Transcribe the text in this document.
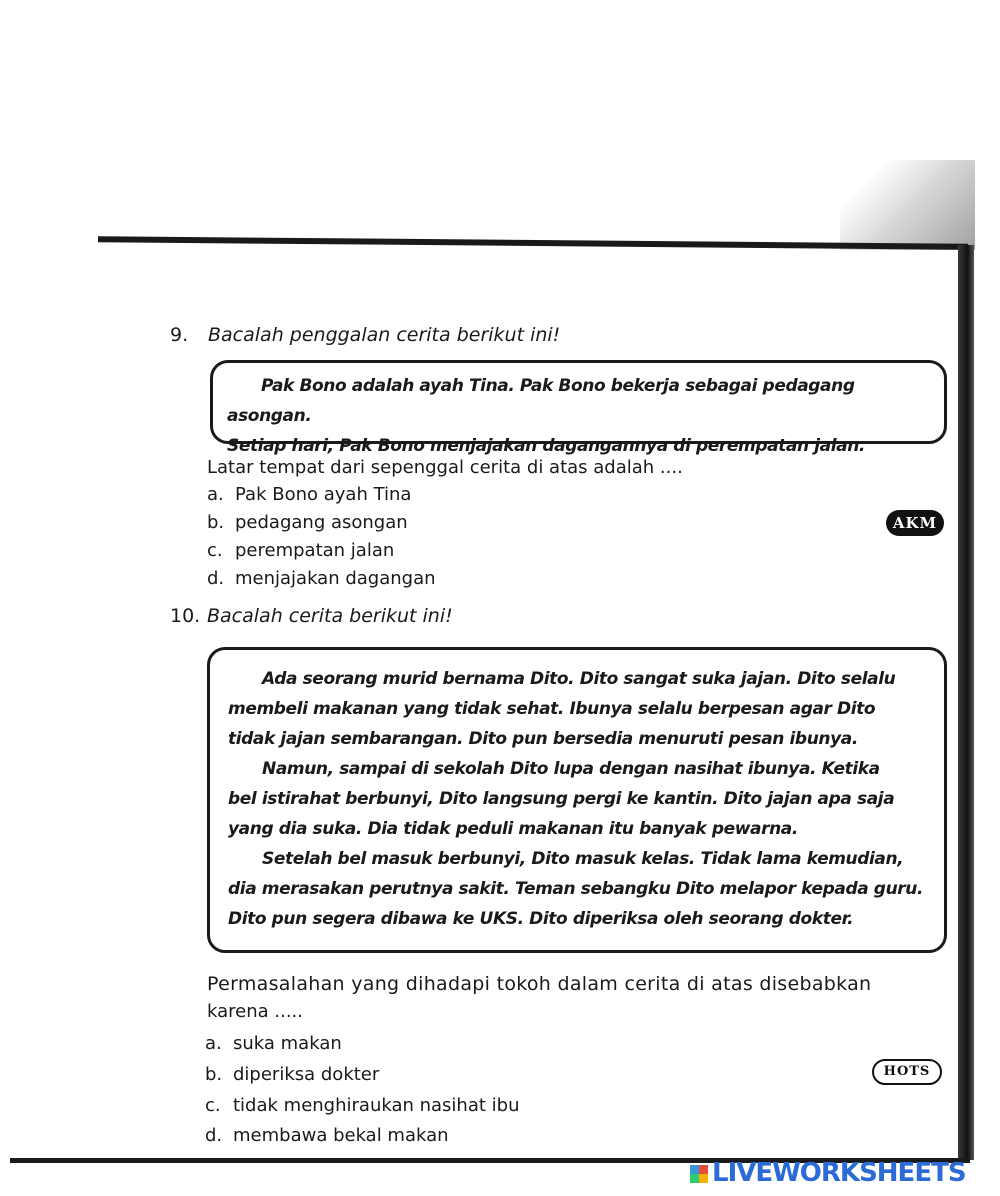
9. Bacalah penggalan cerita berikut ini!

Pak Bono adalah ayah Tina. Pak Bono bekerja sebagai pedagang asongan.

Setiap hari, Pak Bono menjajakan dagangannya di perempatan jalan.

Latar tempat dari sepenggal cerita di atas adalah ....
a. Pak Bono ayah Tina
b. pedagang asongan
c. perempatan jalan
d. menjajakan dagangan
AKM
10. Bacalah cerita berikut ini!

Ada seorang murid bernama Dito. Dito sangat suka jajan. Dito selalu

membeli makanan yang tidak sehat. Ibunya selalu berpesan agar Dito

tidak jajan sembarangan. Dito pun bersedia menuruti pesan ibunya.

Namun, sampai di sekolah Dito lupa dengan nasihat ibunya. Ketika

bel istirahat berbunyi, Dito langsung pergi ke kantin. Dito jajan apa saja

yang dia suka. Dia tidak peduli makanan itu banyak pewarna.

Setelah bel masuk berbunyi, Dito masuk kelas. Tidak lama kemudian,

dia merasakan perutnya sakit. Teman sebangku Dito melapor kepada guru.

Dito pun segera dibawa ke UKS. Dito diperiksa oleh seorang dokter.

Permasalahan yang dihadapi tokoh dalam cerita di atas disebabkan
karena .....
a. suka makan
b. diperiksa dokter
c. tidak menghiraukan nasihat ibu
d. membawa bekal makan
HOTS
LIVEWORKSHEETS
